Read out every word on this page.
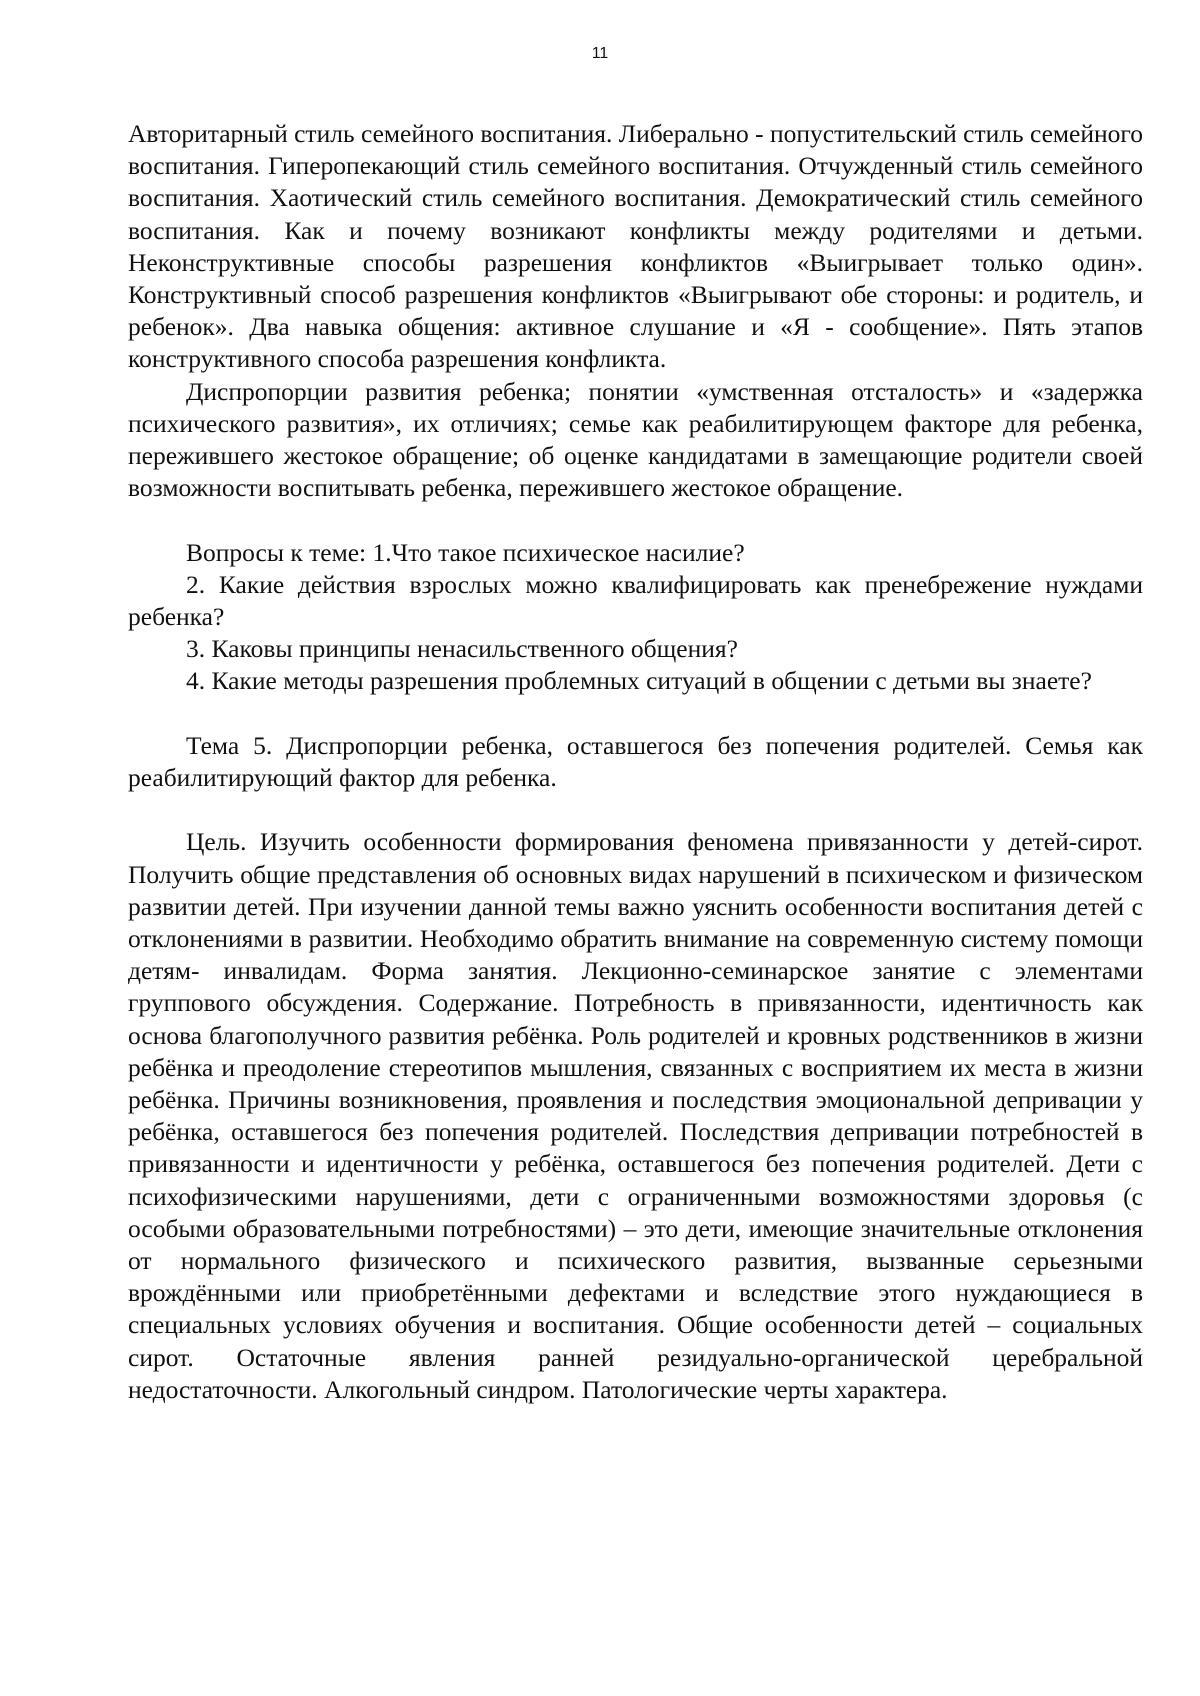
11

Авторитарный стиль семейного воспитания. Либерально - попустительский стиль семейного воспитания. Гиперопекающий стиль семейного воспитания. Отчужденный стиль семейного воспитания. Хаотический стиль семейного воспитания. Демократический стиль семейного воспитания. Как и почему возникают конфликты между родителями и детьми. Неконструктивные способы разрешения конфликтов «Выигрывает только один». Конструктивный способ разрешения конфликтов «Выигрывают обе стороны: и родитель, и ребенок». Два навыка общения: активное слушание и «Я - сообщение». Пять этапов конструктивного способа разрешения конфликта.

Диспропорции развития ребенка; понятии «умственная отсталость» и «задержка психического развития», их отличиях; семье как реабилитирующем факторе для ребенка, пережившего жестокое обращение; об оценке кандидатами в замещающие родители своей возможности воспитывать ребенка, пережившего жестокое обращение.

Вопросы к теме: 1.Что такое психическое насилие?

2. Какие действия взрослых можно квалифицировать как пренебрежение нуждами ребенка?

3. Каковы принципы ненасильственного общения?

4. Какие методы разрешения проблемных ситуаций в общении с детьми вы знаете?

Тема 5. Диспропорции ребенка, оставшегося без попечения родителей. Семья как реабилитирующий фактор для ребенка.

Цель. Изучить особенности формирования феномена привязанности у детей-сирот. Получить общие представления об основных видах нарушений в психическом и физическом развитии детей. При изучении данной темы важно уяснить особенности воспитания детей с отклонениями в развитии. Необходимо обратить внимание на современную систему помощи детям- инвалидам. Форма занятия. Лекционно-семинарское занятие с элементами группового обсуждения. Содержание. Потребность в привязанности, идентичность как основа благополучного развития ребёнка. Роль родителей и кровных родственников в жизни ребёнка и преодоление стереотипов мышления, связанных с восприятием их места в жизни ребёнка. Причины возникновения, проявления и последствия эмоциональной депривации у ребёнка, оставшегося без попечения родителей. Последствия депривации потребностей в привязанности и идентичности у ребёнка, оставшегося без попечения родителей. Дети с психофизическими нарушениями, дети с ограниченными возможностями здоровья (с особыми образовательными потребностями) – это дети, имеющие значительные отклонения от нормального физического и психического развития, вызванные серьезными врождёнными или приобретёнными дефектами и вследствие этого нуждающиеся в специальных условиях обучения и воспитания. Общие особенности детей – социальных сирот. Остаточные явления ранней резидуально-органической церебральной недостаточности. Алкогольный синдром. Патологические черты характера.
